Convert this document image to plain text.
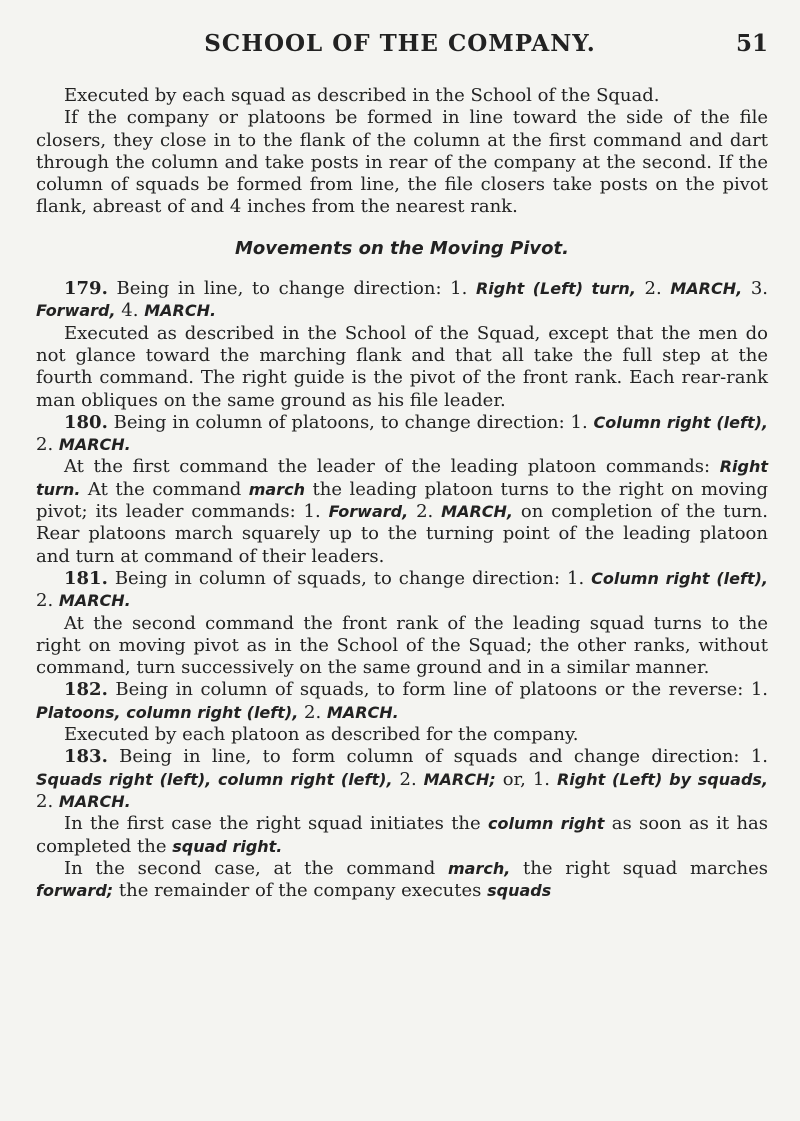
SCHOOL OF THE COMPANY.	51

Executed by each squad as described in the School of the Squad.

If the company or platoons be formed in line toward the side of the file closers, they close in to the flank of the column at the first command and dart through the column and take posts in rear of the company at the second. If the column of squads be formed from line, the file closers take posts on the pivot flank, abreast of and 4 inches from the nearest rank.

Movements on the Moving Pivot.

179. Being in line, to change direction: 1. Right (Left) turn, 2. MARCH, 3. Forward, 4. MARCH.

Executed as described in the School of the Squad, except that the men do not glance toward the marching flank and that all take the full step at the fourth command. The right guide is the pivot of the front rank. Each rear-rank man obliques on the same ground as his file leader.

180. Being in column of platoons, to change direction: 1. Column right (left), 2. MARCH.

At the first command the leader of the leading platoon commands: Right turn. At the command march the leading platoon turns to the right on moving pivot; its leader commands: 1. Forward, 2. MARCH, on completion of the turn. Rear platoons march squarely up to the turning point of the leading platoon and turn at command of their leaders.

181. Being in column of squads, to change direction: 1. Column right (left), 2. MARCH.

At the second command the front rank of the leading squad turns to the right on moving pivot as in the School of the Squad; the other ranks, without command, turn successively on the same ground and in a similar manner.

182. Being in column of squads, to form line of platoons or the reverse: 1. Platoons, column right (left), 2. MARCH.

Executed by each platoon as described for the company.

183. Being in line, to form column of squads and change direction: 1. Squads right (left), column right (left), 2. MARCH; or, 1. Right (Left) by squads, 2. MARCH.

In the first case the right squad initiates the column right as soon as it has completed the squad right.

In the second case, at the command march, the right squad marches forward; the remainder of the company executes squads
